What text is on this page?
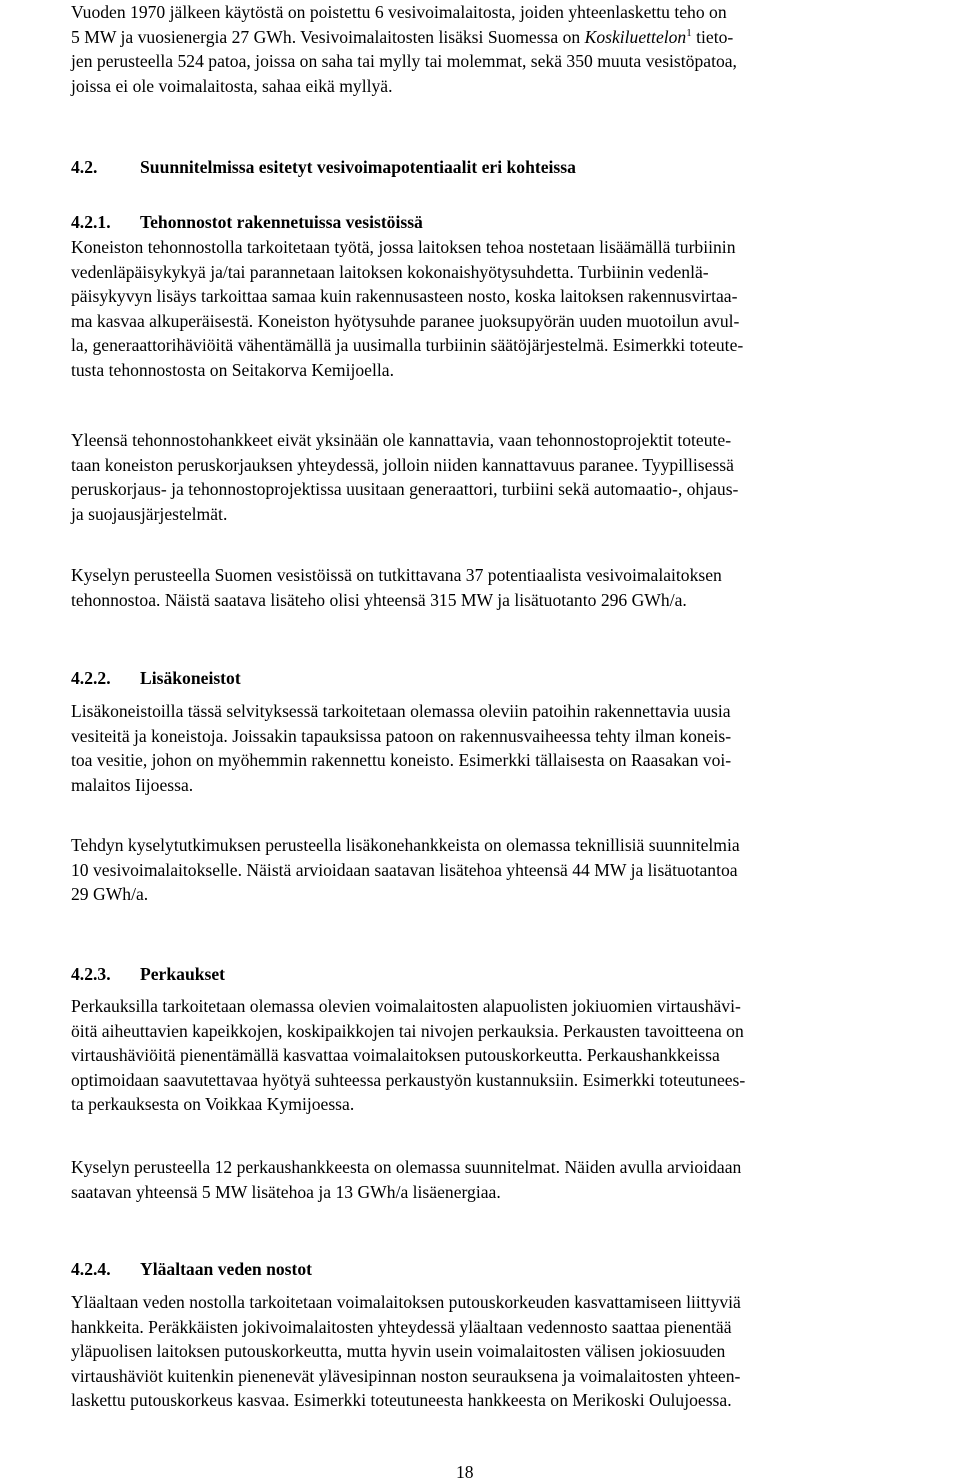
Vuoden 1970 jälkeen käytöstä on poistettu 6 vesivoimalaitosta, joiden yhteenlaskettu teho on

5 MW ja vuosienergia 27 GWh. Vesivoimalaitosten lisäksi Suomessa on Koskiluettelon$^1$ tieto-

jen perusteella 524 patoa, joissa on saha tai mylly tai molemmat, sekä 350 muuta vesistöpatoa,

joissa ei ole voimalaitosta, sahaa eikä myllyä.

4.2. Suunnitelmissa esitetyt vesivoimapotentiaalit eri kohteissa
4.2.1. Tehonnostot rakennetuissa vesistöissä

Koneiston tehonnostolla tarkoitetaan työtä, jossa laitoksen tehoa nostetaan lisäämällä turbiinin

vedenläpäisykykyä ja/tai parannetaan laitoksen kokonaishyötysuhdetta. Turbiinin vedenlä-

päisykyvyn lisäys tarkoittaa samaa kuin rakennusasteen nosto, koska laitoksen rakennusvirtaa-

ma kasvaa alkuperäisestä. Koneiston hyötysuhde paranee juoksupyörän uuden muotoilun avul-

la, generaattorihäviöitä vähentämällä ja uusimalla turbiinin säätöjärjestelmä. Esimerkki toteute-

tusta tehonnostosta on Seitakorva Kemijoella.

Yleensä tehonnostohankkeet eivät yksinään ole kannattavia, vaan tehonnostoprojektit toteute-

taan koneiston peruskorjauksen yhteydessä, jolloin niiden kannattavuus paranee. Tyypillisessä

peruskorjaus- ja tehonnostoprojektissa uusitaan generaattori, turbiini sekä automaatio-, ohjaus-

ja suojausjärjestelmät.

Kyselyn perusteella Suomen vesistöissä on tutkittavana 37 potentiaalista vesivoimalaitoksen

tehonnostoa. Näistä saatava lisäteho olisi yhteensä 315 MW ja lisätuotanto 296 GWh/a.

4.2.2. Lisäkoneistot

Lisäkoneistoilla tässä selvityksessä tarkoitetaan olemassa oleviin patoihin rakennettavia uusia

vesiteitä ja koneistoja. Joissakin tapauksissa patoon on rakennusvaiheessa tehty ilman koneis-

toa vesitie, johon on myöhemmin rakennettu koneisto. Esimerkki tällaisesta on Raasakan voi-

malaitos Iijoessa.

Tehdyn kyselytutkimuksen perusteella lisäkonehankkeista on olemassa teknillisiä suunnitelmia

10 vesivoimalaitokselle. Näistä arvioidaan saatavan lisätehoa yhteensä 44 MW ja lisätuotantoa

29 GWh/a.

4.2.3. Perkaukset

Perkauksilla tarkoitetaan olemassa olevien voimalaitosten alapuolisten jokiuomien virtaushävi-

öitä aiheuttavien kapeikkojen, koskipaikkojen tai nivojen perkauksia. Perkausten tavoitteena on

virtaushäviöitä pienentämällä kasvattaa voimalaitoksen putouskorkeutta. Perkaushankkeissa

optimoidaan saavutettavaa hyötyä suhteessa perkaustyön kustannuksiin. Esimerkki toteutunees-

ta perkauksesta on Voikkaa Kymijoessa.

Kyselyn perusteella 12 perkaushankkeesta on olemassa suunnitelmat. Näiden avulla arvioidaan

saatavan yhteensä 5 MW lisätehoa ja 13 GWh/a lisäenergiaa.

4.2.4. Yläaltaan veden nostot

Yläaltaan veden nostolla tarkoitetaan voimalaitoksen putouskorkeuden kasvattamiseen liittyviä

hankkeita. Peräkkäisten jokivoimalaitosten yhteydessä yläaltaan vedennosto saattaa pienentää

yläpuolisen laitoksen putouskorkeutta, mutta hyvin usein voimalaitosten välisen jokiosuuden

virtaushäviöt kuitenkin pienenevät ylävesipinnan noston seurauksena ja voimalaitosten yhteen-

laskettu putouskorkeus kasvaa. Esimerkki toteutuneesta hankkeesta on Merikoski Oulujoessa.

18
